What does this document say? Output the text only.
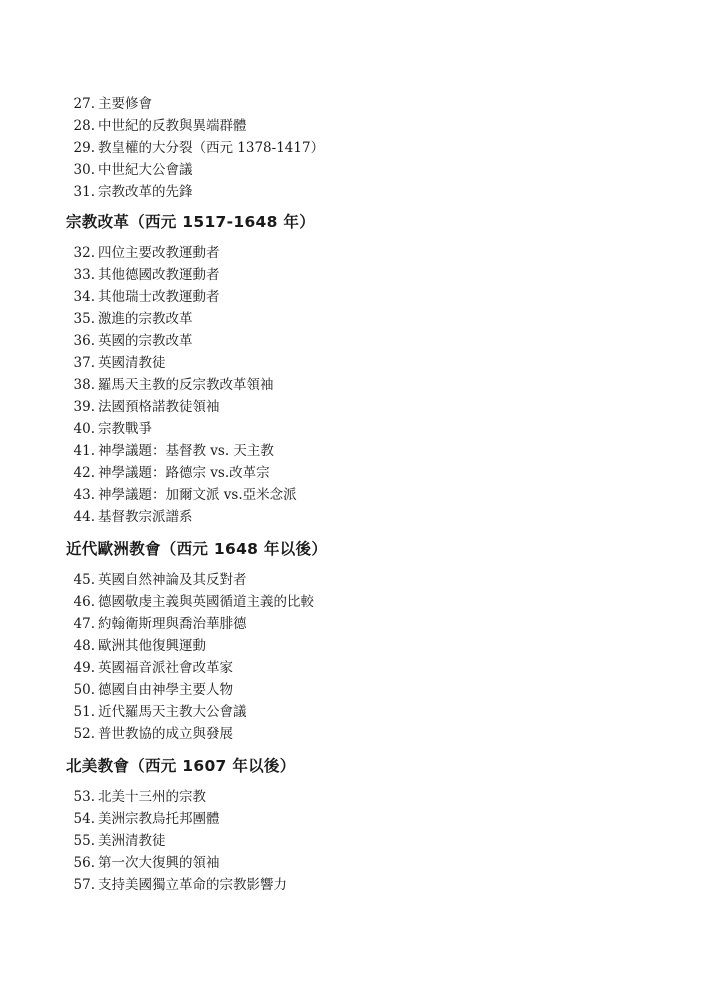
27. 主要修會
28. 中世紀的反教與異端群體
29. 教皇權的大分裂（西元 1378-1417）
30. 中世紀大公會議
31. 宗教改革的先鋒
宗教改革（西元 1517-1648 年）
32. 四位主要改教運動者
33. 其他德國改教運動者
34. 其他瑞士改教運動者
35. 激進的宗教改革
36. 英國的宗教改革
37. 英國清教徒
38. 羅馬天主教的反宗教改革領袖
39. 法國預格諾教徒領袖
40. 宗教戰爭
41. 神學議題：基督教 vs. 天主教
42. 神學議題：路德宗 vs.改革宗
43. 神學議題：加爾文派 vs.亞米念派
44. 基督教宗派譜系
近代歐洲教會（西元 1648 年以後）
45. 英國自然神論及其反對者
46. 德國敬虔主義與英國循道主義的比較
47. 約翰衛斯理與喬治華腓德
48. 歐洲其他復興運動
49. 英國福音派社會改革家
50. 德國自由神學主要人物
51. 近代羅馬天主教大公會議
52. 普世教協的成立與發展
北美教會（西元 1607 年以後）
53. 北美十三州的宗教
54. 美洲宗教烏托邦團體
55. 美洲清教徒
56. 第一次大復興的領袖
57. 支持美國獨立革命的宗教影響力
